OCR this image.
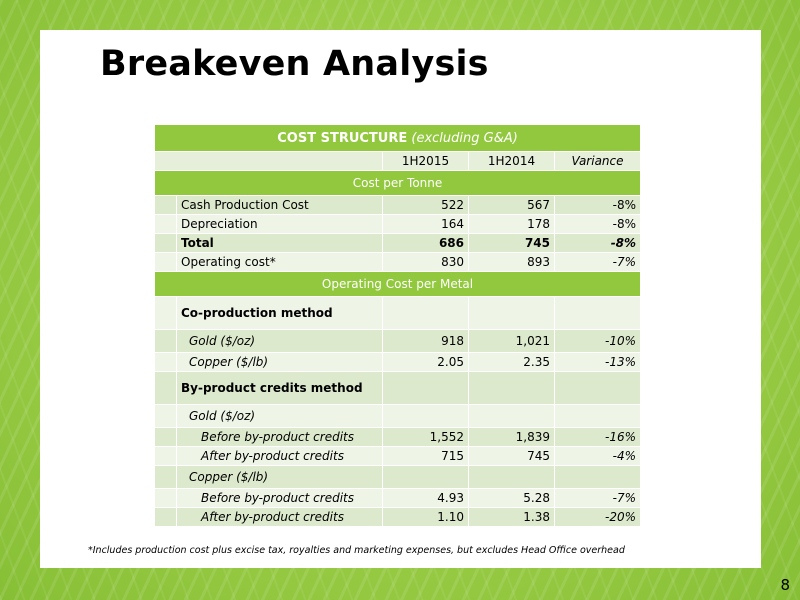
Breakeven Analysis
COST STRUCTURE (excluding G&A)				
		1H2015	1H2014	Variance
Cost per Tonne				
	Cash Production Cost	522	567	-8%
	Depreciation	164	178	-8%
	Total	686	745	-8%
	Operating cost*	830	893	-7%
Operating Cost per Metal				
	Co-production method			
	Gold ($/oz)	918	1,021	-10%
	Copper ($/lb)	2.05	2.35	-13%
	By-product credits method			
	Gold ($/oz)			
	Before by-product credits	1,552	1,839	-16%
	After by-product credits	715	745	-4%
	Copper ($/lb)			
	Before by-product credits	4.93	5.28	-7%
	After by-product credits	1.10	1.38	-20%

*Includes production cost plus excise tax, royalties and marketing expenses, but excludes Head Office overhead

8
